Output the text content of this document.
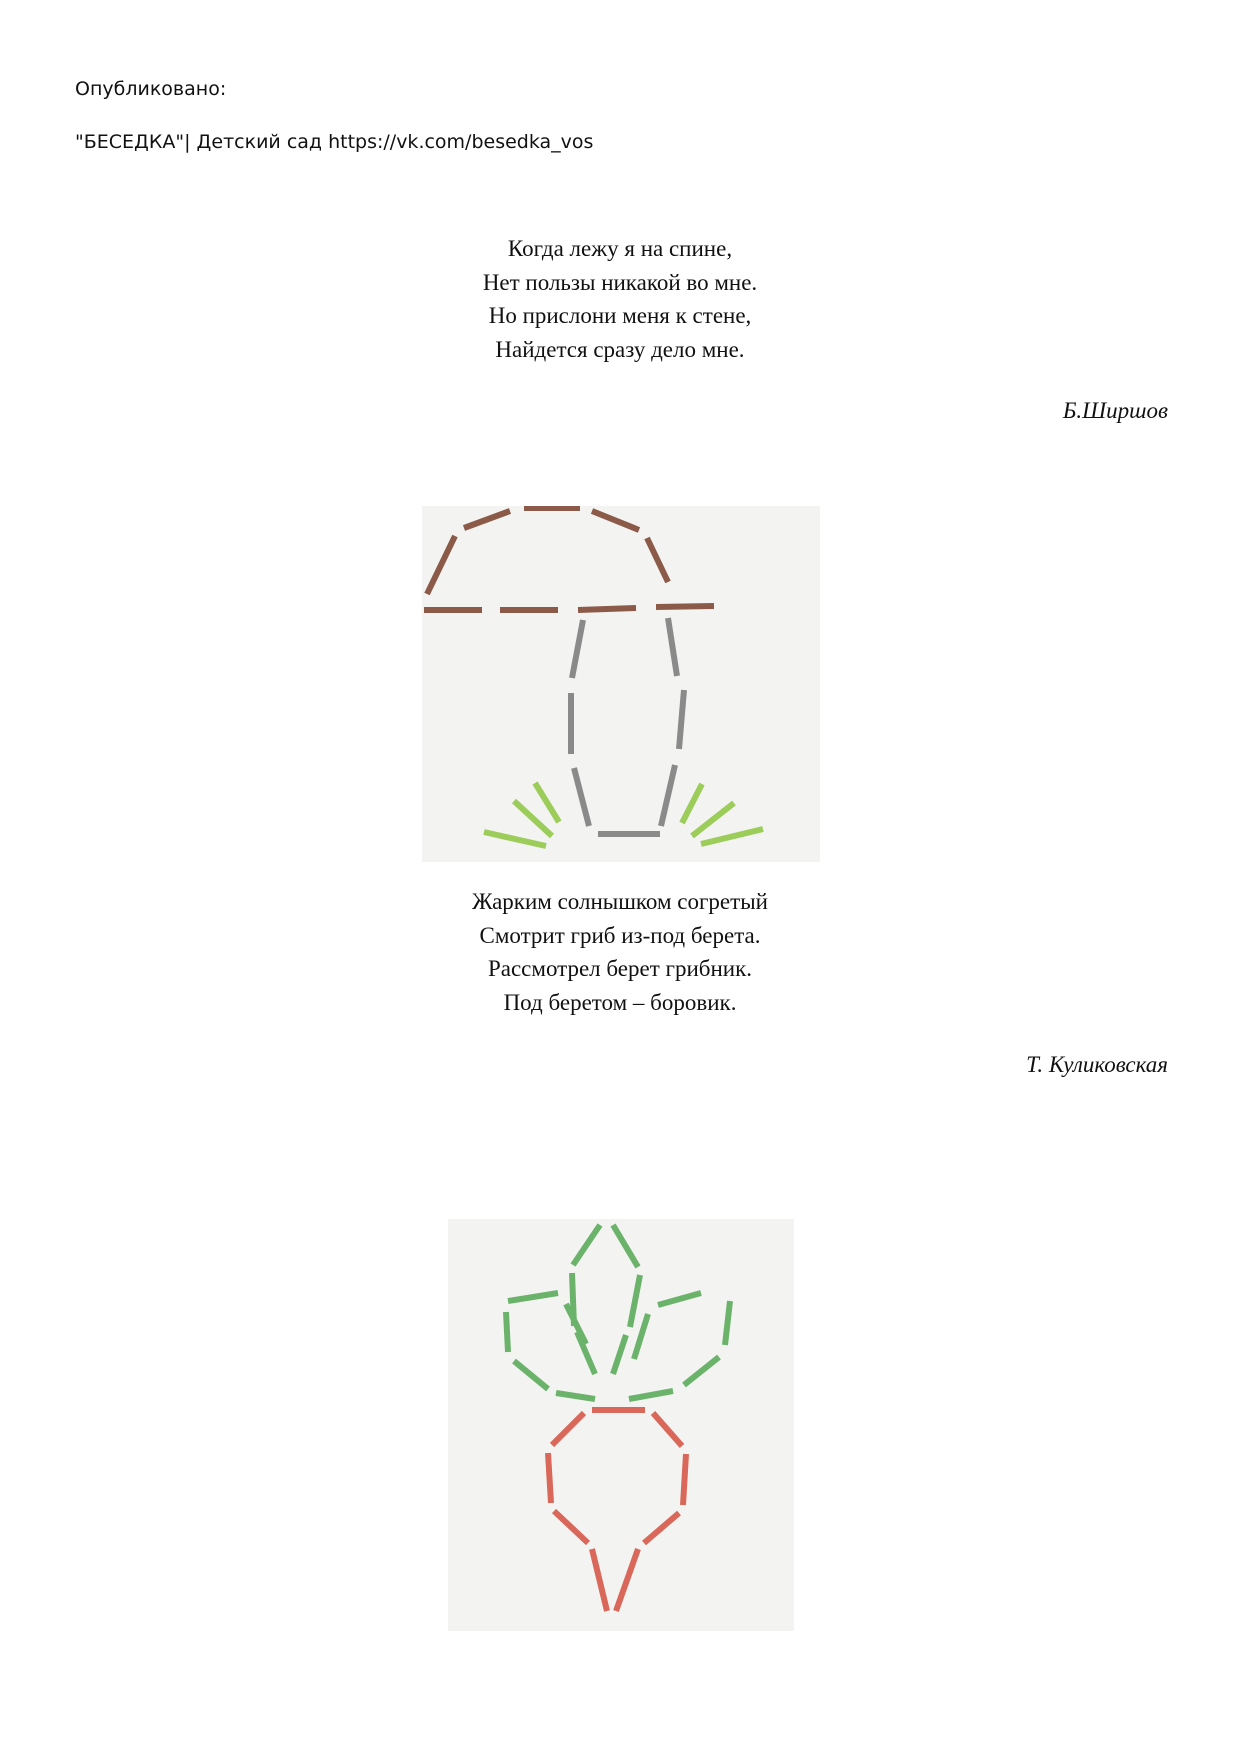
Опубликовано:
"БЕСЕДКА"| Детский сад https://vk.com/besedka_vos
Когда лежу я на спине,
Нет пользы никакой во мне.
Но прислони меня к стене,
Найдется сразу дело мне.
Б.Ширшов
Жарким солнышком согретый
Смотрит гриб из-под берета.
Рассмотрел берет грибник.
Под беретом – боровик.
Т. Куликовская
